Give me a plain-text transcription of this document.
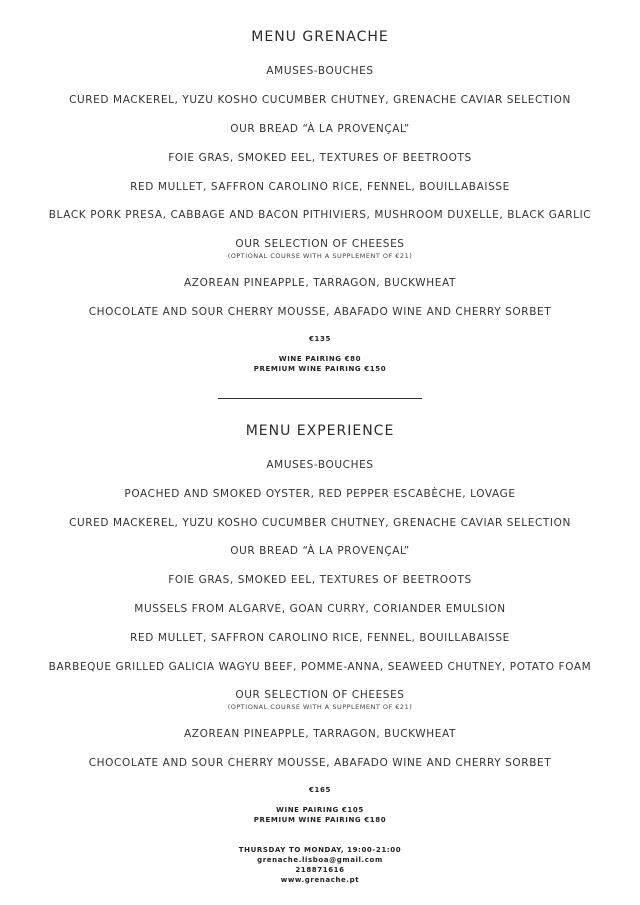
MENU GRENACHE
AMUSES-BOUCHES
CURED MACKEREL, YUZU KOSHO CUCUMBER CHUTNEY, GRENACHE CAVIAR SELECTION
OUR BREAD “À LA PROVENÇAL”
FOIE GRAS, SMOKED EEL, TEXTURES OF BEETROOTS
RED MULLET, SAFFRON CAROLINO RICE, FENNEL, BOUILLABAISSE
BLACK PORK PRESA, CABBAGE AND BACON PITHIVIERS, MUSHROOM DUXELLE, BLACK GARLIC
OUR SELECTION OF CHEESES
(OPTIONAL COURSE WITH A SUPPLEMENT OF €21)
AZOREAN PINEAPPLE, TARRAGON, BUCKWHEAT
CHOCOLATE AND SOUR CHERRY MOUSSE, ABAFADO WINE AND CHERRY SORBET
€135
WINE PAIRING €80
PREMIUM WINE PAIRING €150
MENU EXPERIENCE
AMUSES-BOUCHES
POACHED AND SMOKED OYSTER, RED PEPPER ESCABÈCHE, LOVAGE
CURED MACKEREL, YUZU KOSHO CUCUMBER CHUTNEY, GRENACHE CAVIAR SELECTION
OUR BREAD “À LA PROVENÇAL”
FOIE GRAS, SMOKED EEL, TEXTURES OF BEETROOTS
MUSSELS FROM ALGARVE, GOAN CURRY, CORIANDER EMULSION
RED MULLET, SAFFRON CAROLINO RICE, FENNEL, BOUILLABAISSE
BARBEQUE GRILLED GALICIA WAGYU BEEF, POMME-ANNA, SEAWEED CHUTNEY, POTATO FOAM
OUR SELECTION OF CHEESES
(OPTIONAL COURSE WITH A SUPPLEMENT OF €21)
AZOREAN PINEAPPLE, TARRAGON, BUCKWHEAT
CHOCOLATE AND SOUR CHERRY MOUSSE, ABAFADO WINE AND CHERRY SORBET
€165
WINE PAIRING €105
PREMIUM WINE PAIRING €180
THURSDAY TO MONDAY, 19:00-21:00
grenache.lisboa@gmail.com
218871616
www.grenache.pt
